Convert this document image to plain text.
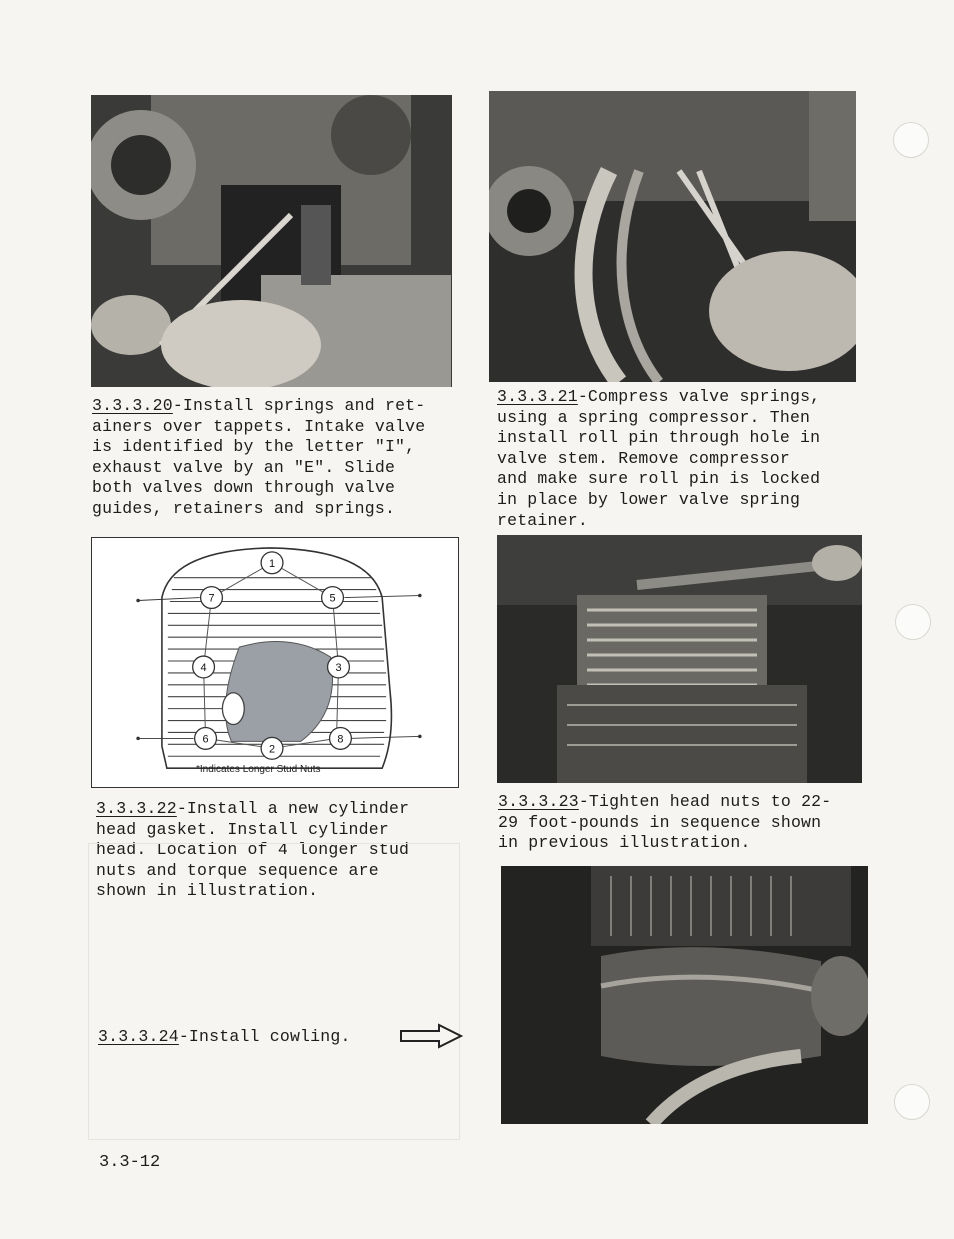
3.3.3.20-Install springs and ret-
ainers over tappets. Intake valve
is identified by the letter "I",
exhaust valve by an "E". Slide
both valves down through valve
guides, retainers and springs.
3.3.3.21-Compress valve springs,
using a spring compressor. Then
install roll pin through hole in
valve stem. Remove compressor
and make sure roll pin is locked
in place by lower valve spring
retainer.
1
2
3
4
5
6
7
8
*Indicates Longer Stud Nuts
3.3.3.22-Install a new cylinder
head gasket. Install cylinder
head. Location of 4 longer stud
nuts and torque sequence are
shown in illustration.
3.3.3.23-Tighten head nuts to 22-
29 foot-pounds in sequence shown
in previous illustration.
3.3.3.24-Install cowling.
3.3-12
